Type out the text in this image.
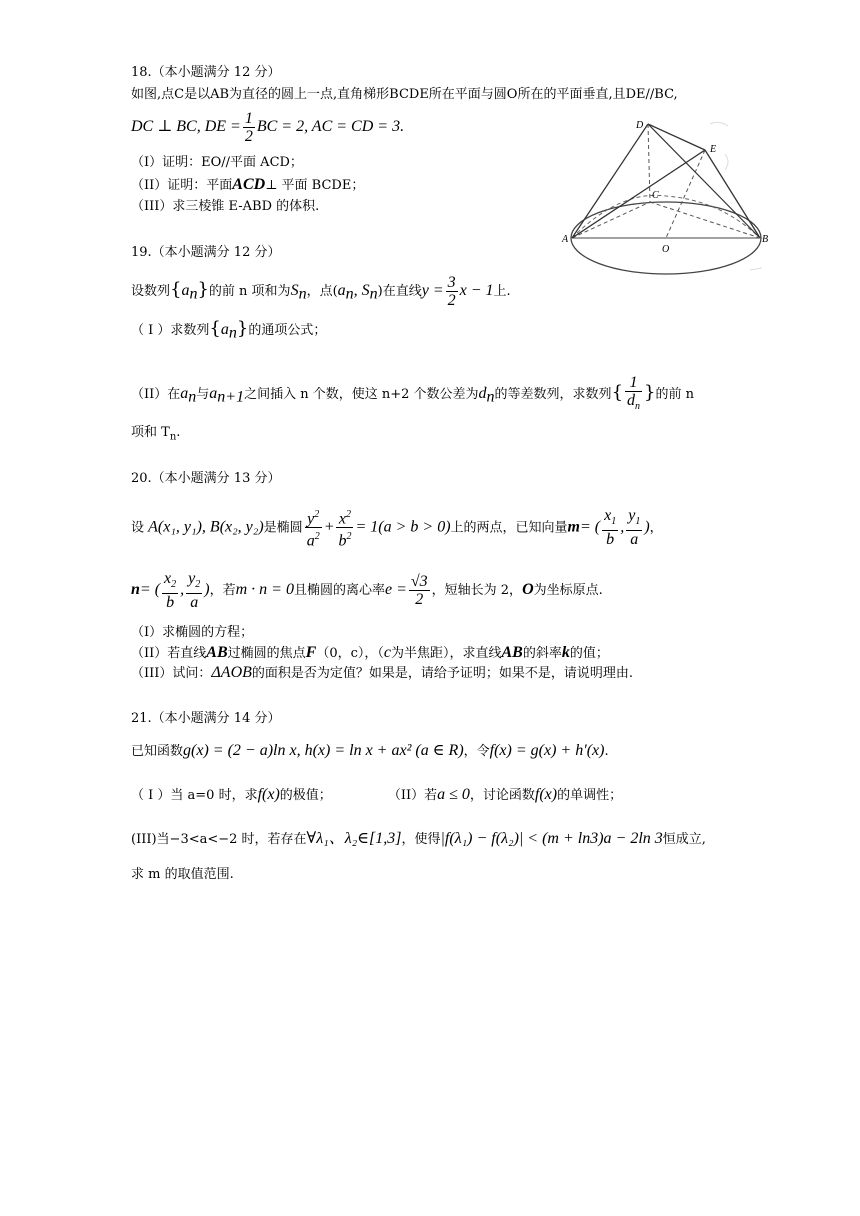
18.（本小题满分 12 分）
如图,点C是以AB为直径的圆上一点,直角梯形BCDE所在平面与圆O所在的平面垂直,且DE//BC,
DC ⊥ BC, DE = $\frac{1}{2}$ BC = 2, AC = CD = 3.
（I）证明：EO//平面 ACD；
（II）证明：平面ACD⊥ 平面 BCDE；
（III）求三棱锥 E-ABD 的体积.
D
E
C
A
O
B
19.（本小题满分 12 分）
设数列$\{a_n\}$的前 n 项和为$S_n$，点($a_n$, $S_n$)在直线$y = \frac{3}{2}$ x − 1上.
（ I ）求数列$\{a_n\}$的通项公式；
（II）在$a_n$与$a_{n+1}$之间插入 n 个数，使这 n+2 个数公差为$d_n$的等差数列，求数列{ $\frac{1}{d_n}$ }的前 n
项和 $T_n$.
20.（本小题满分 13 分）
设 A(x₁, y₁), B(x₂, y₂)是椭圆 $\frac{y^2}{a^2} + \frac{x^2}{b^2} = 1(a > b > 0)$上的两点，已知向量m= ( $\frac{x_1}{b}$ , $\frac{y_1}{a}$ )，
n= ( $\frac{x_2}{b}$ , $\frac{y_2}{a}$ )，若m · n = 0且椭圆的离心率$e = \frac{√3}{2}$ ，短轴长为 2，O为坐标原点.
（I）求椭圆的方程；
（II）若直线AB过椭圆的焦点F（0，c），（c为半焦距），求直线AB的斜率k的值；
（III）试问：ΔAOB的面积是否为定值？如果是，请给予证明；如果不是，请说明理由.
21.（本小题满分 14 分）
已知函数g(x) = (2 − a)ln x, h(x) = ln x + ax² (a ∈ R)，令f(x) = g(x) + h′(x).
（ I ）当 a=0 时，求f(x)的极值；	（II）若a ≤ 0，讨论函数f(x)的单调性；
(III)当−3<a<−2 时，若存在∀λ₁、λ₂∈[1,3]，使得|f(λ₁) − f(λ₂)| < (m + ln3)a − 2ln 3恒成立,
求 m 的取值范围.
